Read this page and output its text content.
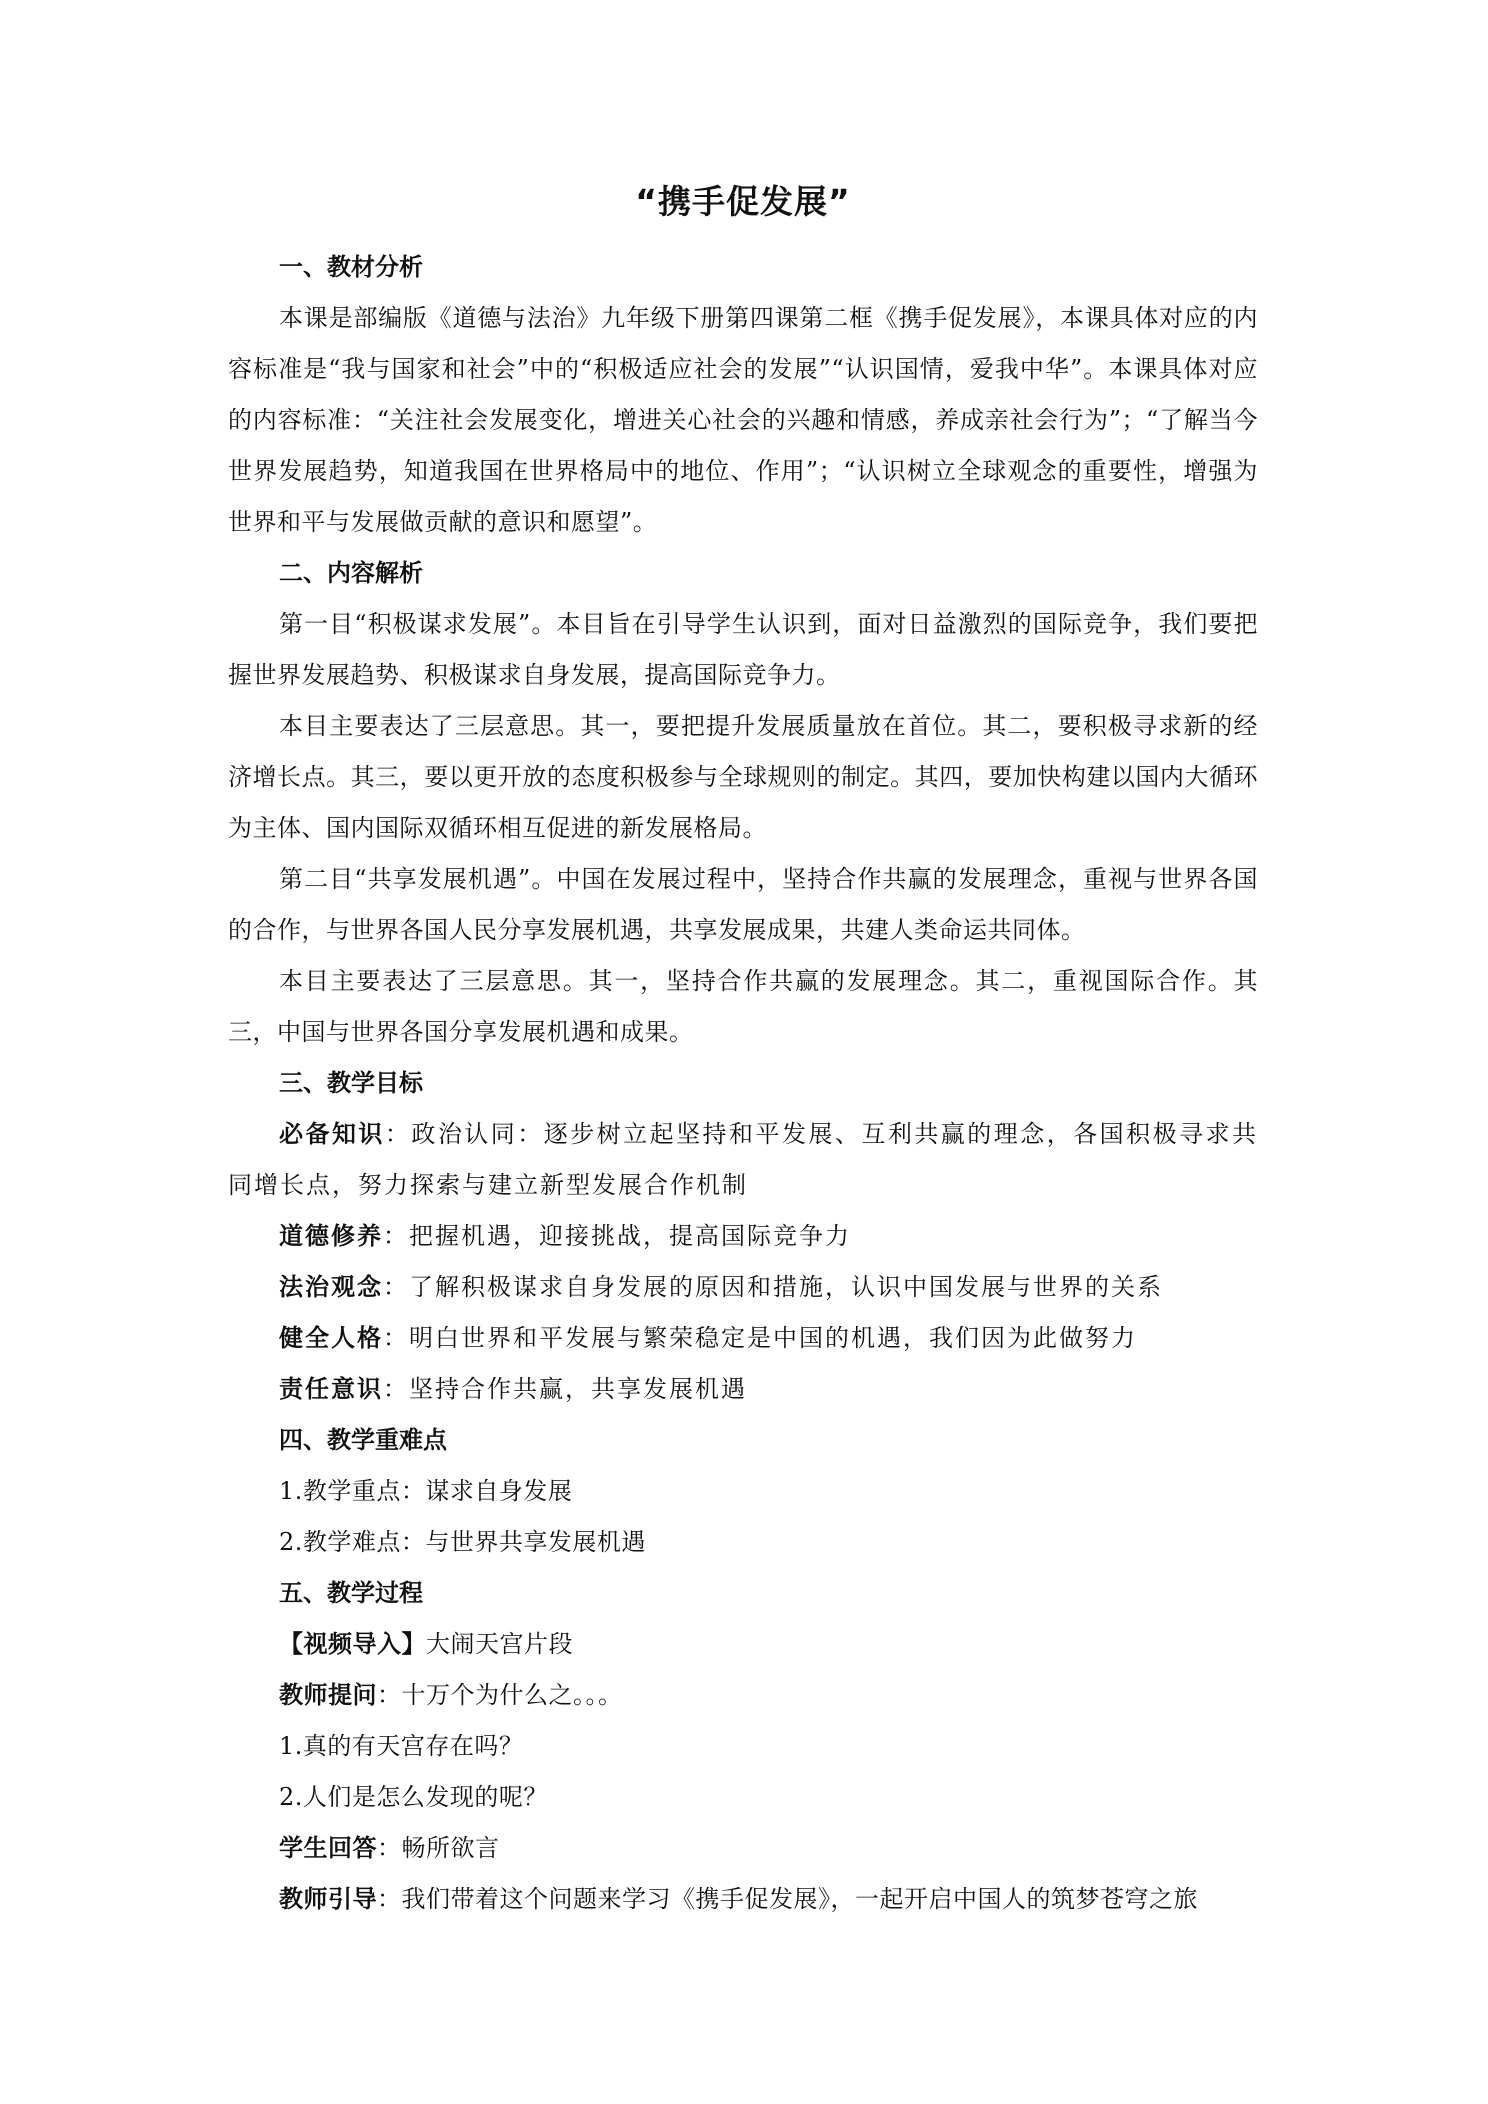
“携手促发展”

一、教材分析

本课是部编版《道德与法治》九年级下册第四课第二框《携手促发展》，本课具体对应的内容标准是“我与国家和社会”中的“积极适应社会的发展”“认识国情，爱我中华”。本课具体对应的内容标准：“关注社会发展变化，增进关心社会的兴趣和情感，养成亲社会行为”；“了解当今世界发展趋势，知道我国在世界格局中的地位、作用”；“认识树立全球观念的重要性，增强为世界和平与发展做贡献的意识和愿望”。

二、内容解析

第一目“积极谋求发展”。本目旨在引导学生认识到，面对日益激烈的国际竞争，我们要把握世界发展趋势、积极谋求自身发展，提高国际竞争力。

本目主要表达了三层意思。其一，要把提升发展质量放在首位。其二，要积极寻求新的经济增长点。其三，要以更开放的态度积极参与全球规则的制定。其四，要加快构建以国内大循环为主体、国内国际双循环相互促进的新发展格局。

第二目“共享发展机遇”。中国在发展过程中，坚持合作共赢的发展理念，重视与世界各国的合作，与世界各国人民分享发展机遇，共享发展成果，共建人类命运共同体。

本目主要表达了三层意思。其一，坚持合作共赢的发展理念。其二，重视国际合作。其三，中国与世界各国分享发展机遇和成果。

三、教学目标

必备知识：政治认同：逐步树立起坚持和平发展、互利共赢的理念，各国积极寻求共同增长点，努力探索与建立新型发展合作机制

道德修养：把握机遇，迎接挑战，提高国际竞争力

法治观念：了解积极谋求自身发展的原因和措施，认识中国发展与世界的关系

健全人格：明白世界和平发展与繁荣稳定是中国的机遇，我们因为此做努力

责任意识：坚持合作共赢，共享发展机遇

四、教学重难点

1.教学重点：谋求自身发展

2.教学难点：与世界共享发展机遇

五、教学过程

【视频导入】大闹天宫片段

教师提问：十万个为什么之。。。

1.真的有天宫存在吗？

2.人们是怎么发现的呢？

学生回答：畅所欲言

教师引导：我们带着这个问题来学习《携手促发展》，一起开启中国人的筑梦苍穹之旅
